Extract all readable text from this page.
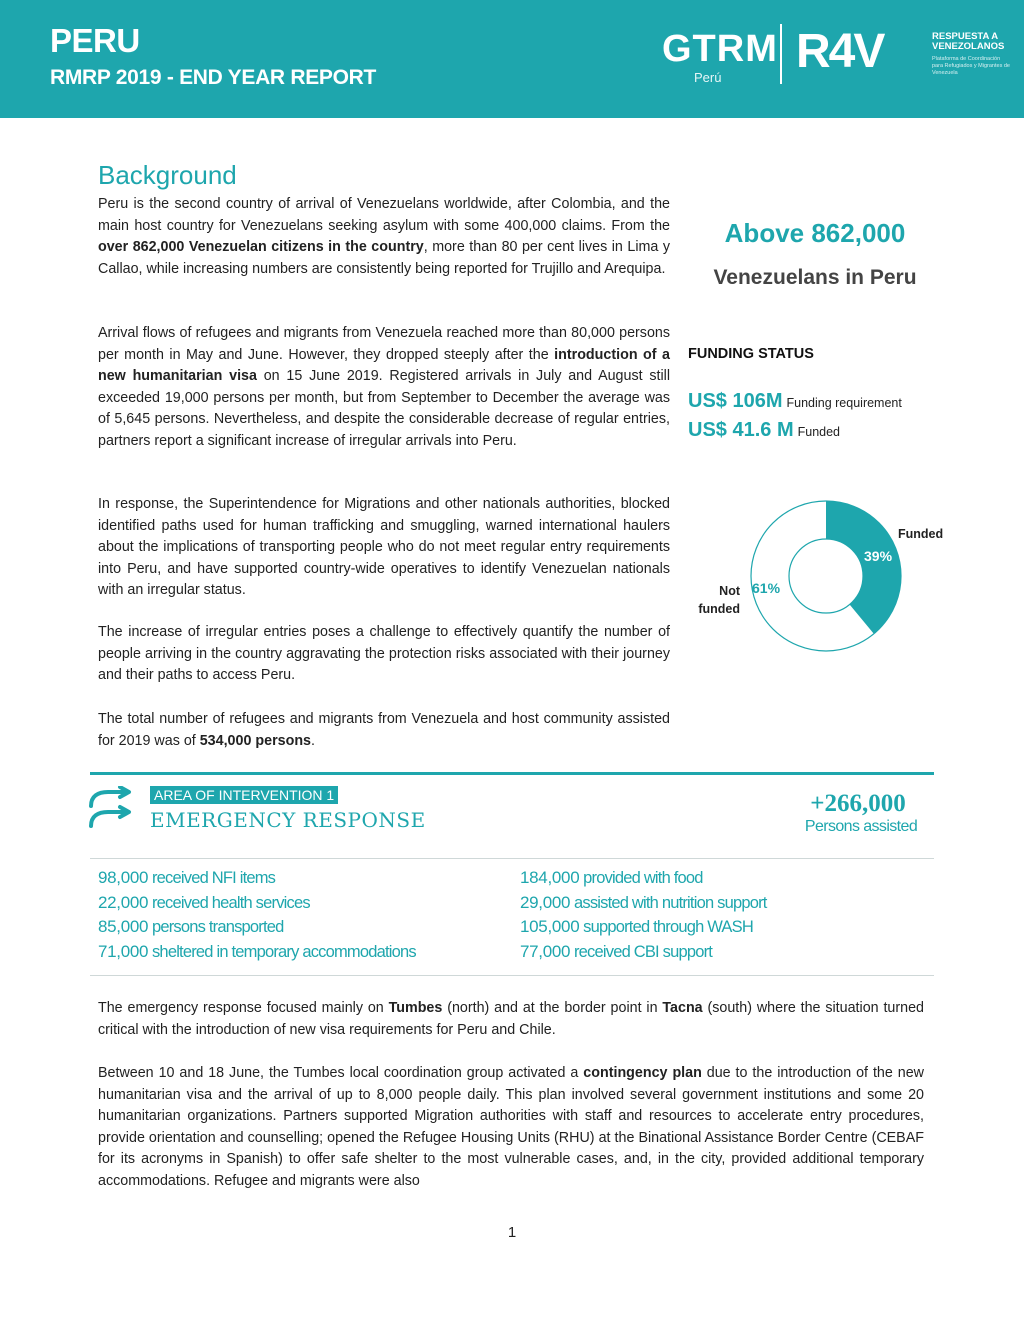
PERU
RMRP 2019 - END YEAR REPORT
GTRM
Perú R4V	RESPUESTA A VENEZOLANOS
Plataforma de Coordinación para Refugiados y Migrantes de Venezuela
Background

Peru is the second country of arrival of Venezuelans worldwide, after Colombia, and the main host country for Venezuelans seeking asylum with some 400,000 claims. From the over 862,000 Venezuelan citizens in the country, more than 80 per cent lives in Lima y Callao, while increasing numbers are consistently being reported for Trujillo and Arequipa.

Arrival flows of refugees and migrants from Venezuela reached more than 80,000 persons per month in May and June. However, they dropped steeply after the introduction of a new humanitarian visa on 15 June 2019. Registered arrivals in July and August still exceeded 19,000 persons per month, but from September to December the average was of 5,645 persons. Nevertheless, and despite the considerable decrease of regular entries, partners report a significant increase of irregular arrivals into Peru.

In response, the Superintendence for Migrations and other nationals authorities, blocked identified paths used for human trafficking and smuggling, warned international haulers about the implications of transporting people who do not meet regular entry requirements into Peru, and have supported country-wide operatives to identify Venezuelan nationals with an irregular status.

The increase of irregular entries poses a challenge to effectively quantify the number of people arriving in the country aggravating the protection risks associated with their journey and their paths to access Peru.

The total number of refugees and migrants from Venezuela and host community assisted for 2019 was of 534,000 persons.

Above 862,000
Venezuelans in Peru
FUNDING STATUS
US$ 106M Funding requirement
US$ 41.6 M Funded
Funded
Not funded
39%
61%
AREA OF INTERVENTION 1
EMERGENCY RESPONSE
+266,000
Persons assisted
98,000 received NFI items
22,000 received health services
85,000 persons transported
71,000 sheltered in temporary accommodations
184,000 provided with food
29,000 assisted with nutrition support
105,000 supported through WASH
77,000 received CBI support

The emergency response focused mainly on Tumbes (north) and at the border point in Tacna (south) where the situation turned critical with the introduction of new visa requirements for Peru and Chile.

Between 10 and 18 June, the Tumbes local coordination group activated a contingency plan due to the introduction of the new humanitarian visa and the arrival of up to 8,000 people daily. This plan involved several government institutions and some 20 humanitarian organizations. Partners supported Migration authorities with staff and resources to accelerate entry procedures, provide orientation and counselling; opened the Refugee Housing Units (RHU) at the Binational Assistance Border Centre (CEBAF for its acronyms in Spanish) to offer safe shelter to the most vulnerable cases, and, in the city, provided additional temporary accommodations. Refugee and migrants were also

1
